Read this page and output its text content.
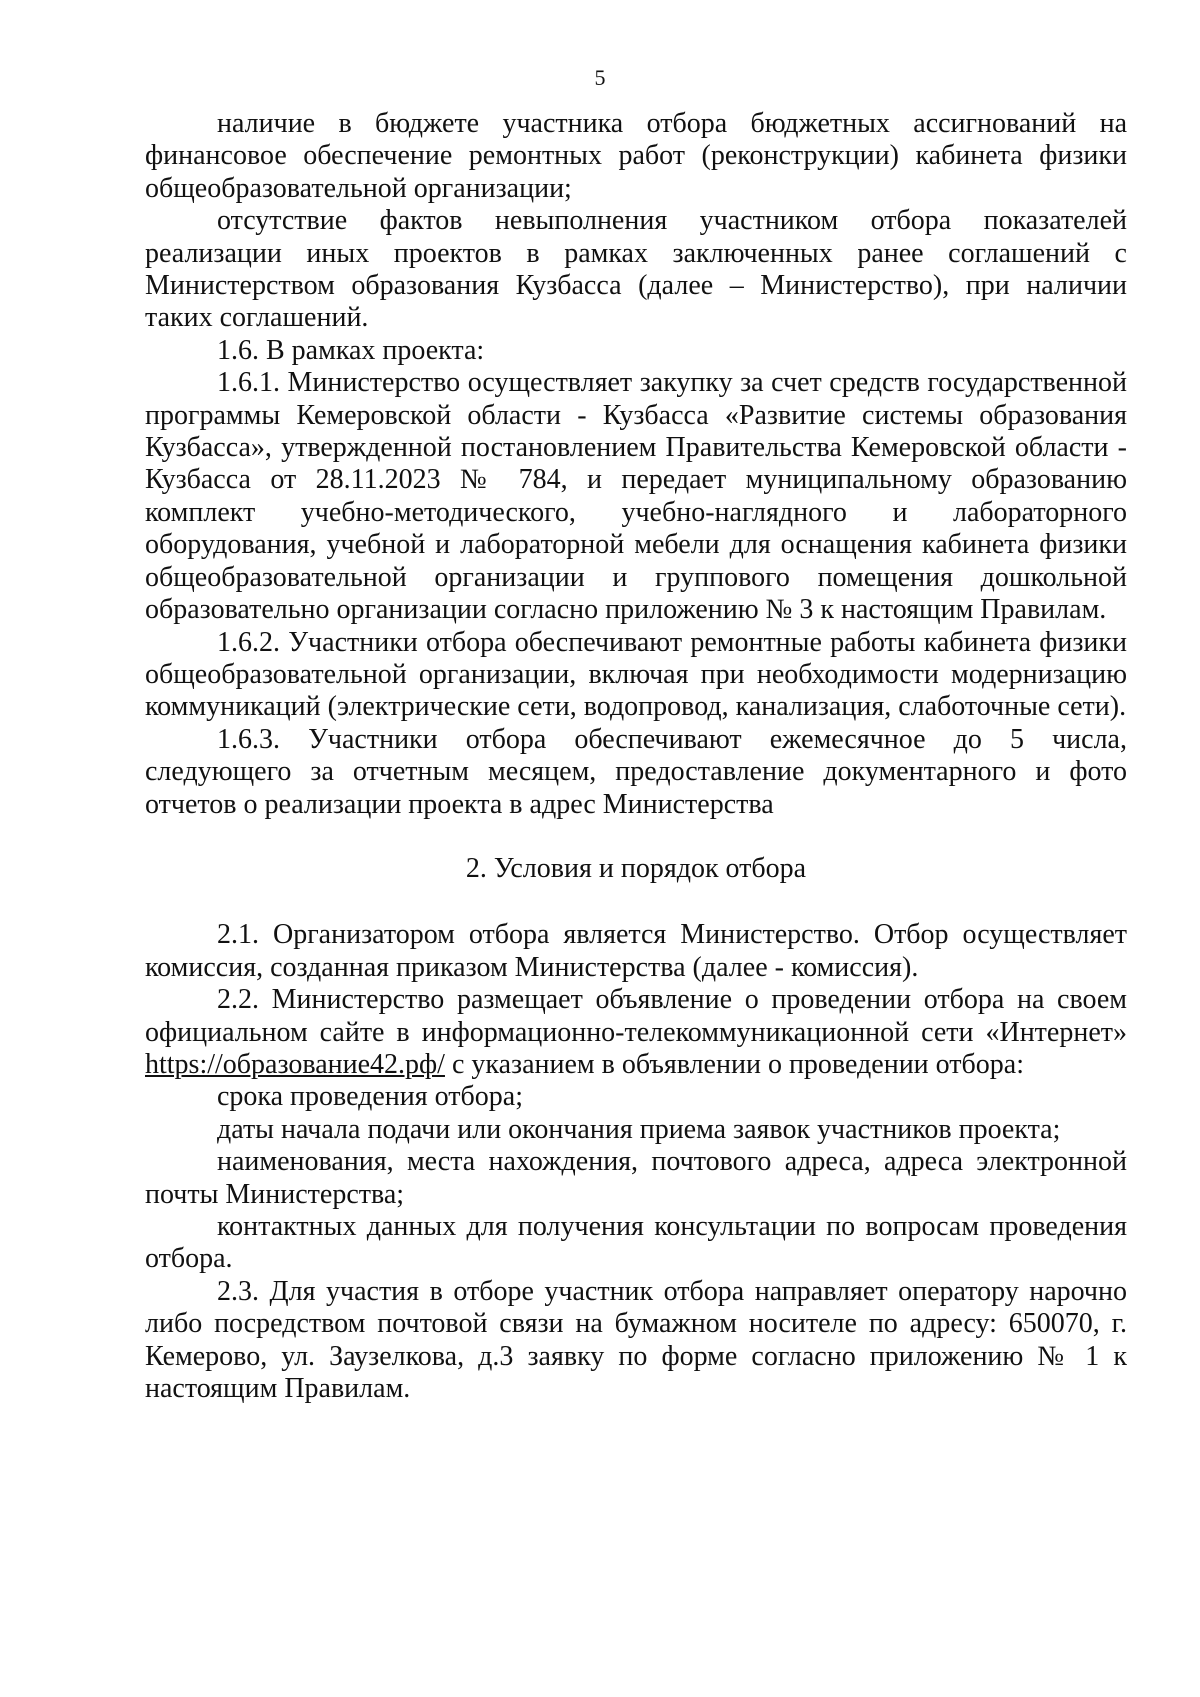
5

наличие в бюджете участника отбора бюджетных ассигнований на финансовое обеспечение ремонтных работ (реконструкции) кабинета физики общеобразовательной организации;

отсутствие фактов невыполнения участником отбора показателей реализации иных проектов в рамках заключенных ранее соглашений с Министерством образования Кузбасса (далее – Министерство), при наличии таких соглашений.

1.6. В рамках проекта:

1.6.1. Министерство осуществляет закупку за счет средств государственной программы Кемеровской области - Кузбасса «Развитие системы образования Кузбасса», утвержденной постановлением Правительства Кемеровской области - Кузбасса от 28.11.2023 № 784, и передает муниципальному образованию комплект учебно-методического, учебно-наглядного и лабораторного оборудования, учебной и лабораторной мебели для оснащения кабинета физики общеобразовательной организации и группового помещения дошкольной образовательно организации согласно приложению № 3 к настоящим Правилам.

1.6.2. Участники отбора обеспечивают ремонтные работы кабинета физики общеобразовательной организации, включая при необходимости модернизацию коммуникаций (электрические сети, водопровод, канализация, слаботочные сети).

1.6.3. Участники отбора обеспечивают ежемесячное до 5 числа, следующего за отчетным месяцем, предоставление документарного и фото отчетов о реализации проекта в адрес Министерства

2. Условия и порядок отбора

2.1. Организатором отбора является Министерство. Отбор осуществляет комиссия, созданная приказом Министерства (далее - комиссия).

2.2. Министерство размещает объявление о проведении отбора на своем официальном сайте в информационно-телекоммуникационной сети «Интернет» https://образование42.рф/ с указанием в объявлении о проведении отбора:

срока проведения отбора;

даты начала подачи или окончания приема заявок участников проекта;

наименования, места нахождения, почтового адреса, адреса электронной почты Министерства;

контактных данных для получения консультации по вопросам проведения отбора.

2.3. Для участия в отборе участник отбора направляет оператору нарочно либо посредством почтовой связи на бумажном носителе по адресу: 650070, г. Кемерово, ул. Заузелкова, д.3 заявку по форме согласно приложению № 1 к настоящим Правилам.
